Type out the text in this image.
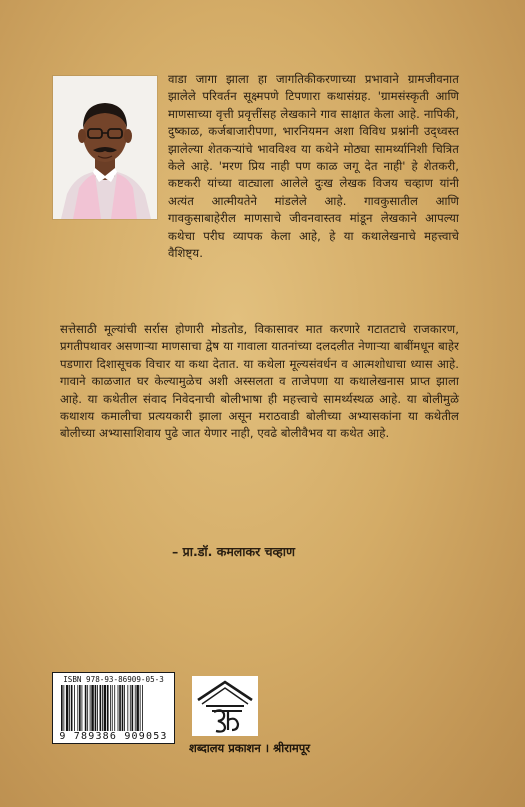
वाडा जागा झाला हा जागतिकीकरणाच्या प्रभावाने ग्रामजीवनात झालेले परिवर्तन सूक्ष्मपणे टिपणारा कथासंग्रह. 'ग्रामसंस्कृती आणि माणसाच्या वृत्ती प्रवृत्तींसह लेखकाने गाव साक्षात केला आहे. नापिकी, दुष्काळ, कर्जबाजारीपणा, भारनियमन अशा विविध प्रश्नांनी उद्ध्वस्त झालेल्या शेतकऱ्यांचे भावविश्व या कथेने मोठ्या सामर्थ्यानिशी चित्रित केले आहे. 'मरण प्रिय नाही पण काळ जगू देत नाही' हे शेतकरी, कष्टकरी यांच्या वाट्याला आलेले दुःख लेखक विजय चव्हाण यांनी अत्यंत आत्मीयतेने मांडलेले आहे. गावकुसातील आणि गावकुसाबाहेरील माणसाचे जीवनवास्तव मांडून लेखकाने आपल्या कथेचा परीघ व्यापक केला आहे, हे या कथालेखनाचे महत्त्वाचे वैशिष्ट्य.

सत्तेसाठी मूल्यांची सर्रास होणारी मोडतोड, विकासावर मात करणारे गटातटाचे राजकारण, प्रगतीपथावर असणाऱ्या माणसाचा द्वेष या गावाला यातनांच्या दलदलीत नेणाऱ्या बाबींमधून बाहेर पडणारा दिशासूचक विचार या कथा देतात. या कथेला मूल्यसंवर्धन व आत्मशोधाचा ध्यास आहे. गावाने काळजात घर केल्यामुळेच अशी अस्सलता व ताजेपणा या कथालेखनास प्राप्त झाला आहे. या कथेतील संवाद निवेदनाची बोलीभाषा ही महत्त्वाचे सामर्थ्यस्थळ आहे. या बोलीमुळे कथाशय कमालीचा प्रत्ययकारी झाला असून मराठवाडी बोलीच्या अभ्यासकांना या कथेतील बोलीच्या अभ्यासाशिवाय पुढे जात येणार नाही, एवढे बोलीवैभव या कथेत आहे.

– प्रा.डॉ. कमलाकर चव्हाण
ISBN 978-93-86909-05-3
9 789386 909053
शब्दालय प्रकाशन । श्रीरामपूर
